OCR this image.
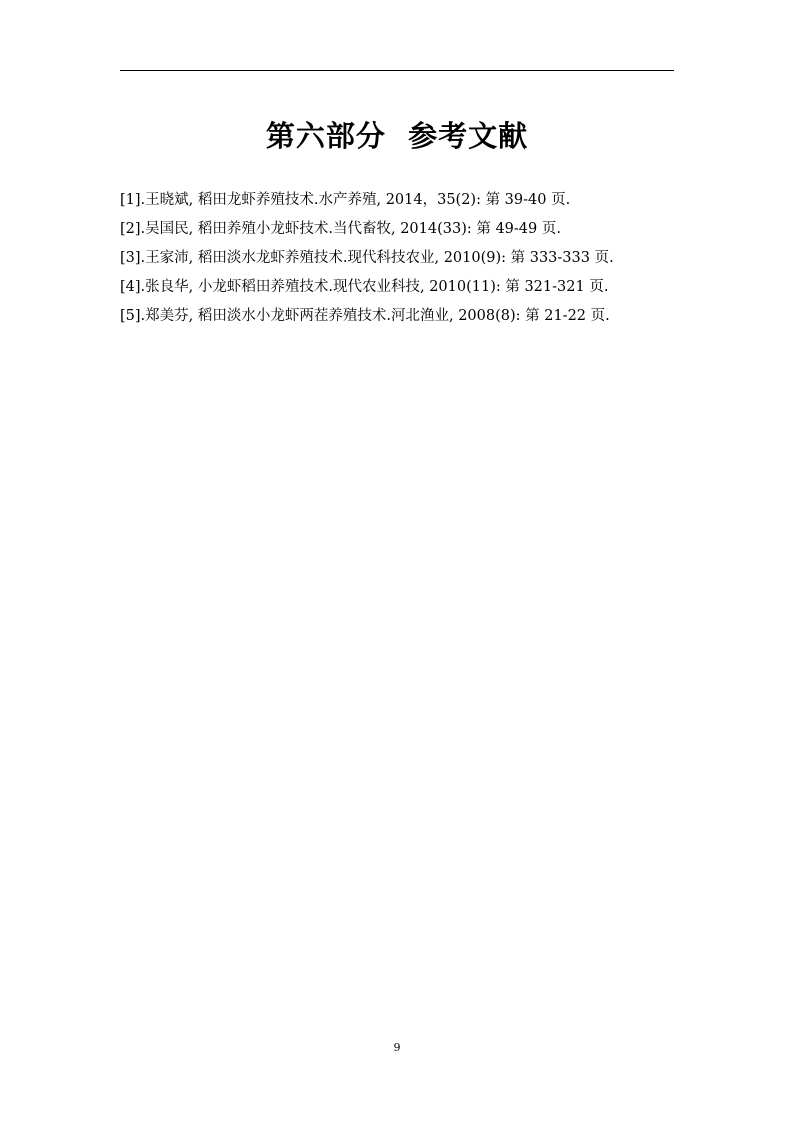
第六部分  参考文献
[1].王晓斌, 稻田龙虾养殖技术.水产养殖, 2014，35(2): 第 39-40 页.
[2].吴国民, 稻田养殖小龙虾技术.当代畜牧, 2014(33): 第 49-49 页.
[3].王家沛, 稻田淡水龙虾养殖技术.现代科技农业, 2010(9): 第 333-333 页.
[4].张良华, 小龙虾稻田养殖技术.现代农业科技, 2010(11): 第 321-321 页.
[5].郑美芬, 稻田淡水小龙虾两茬养殖技术.河北渔业, 2008(8): 第 21-22 页.
9
